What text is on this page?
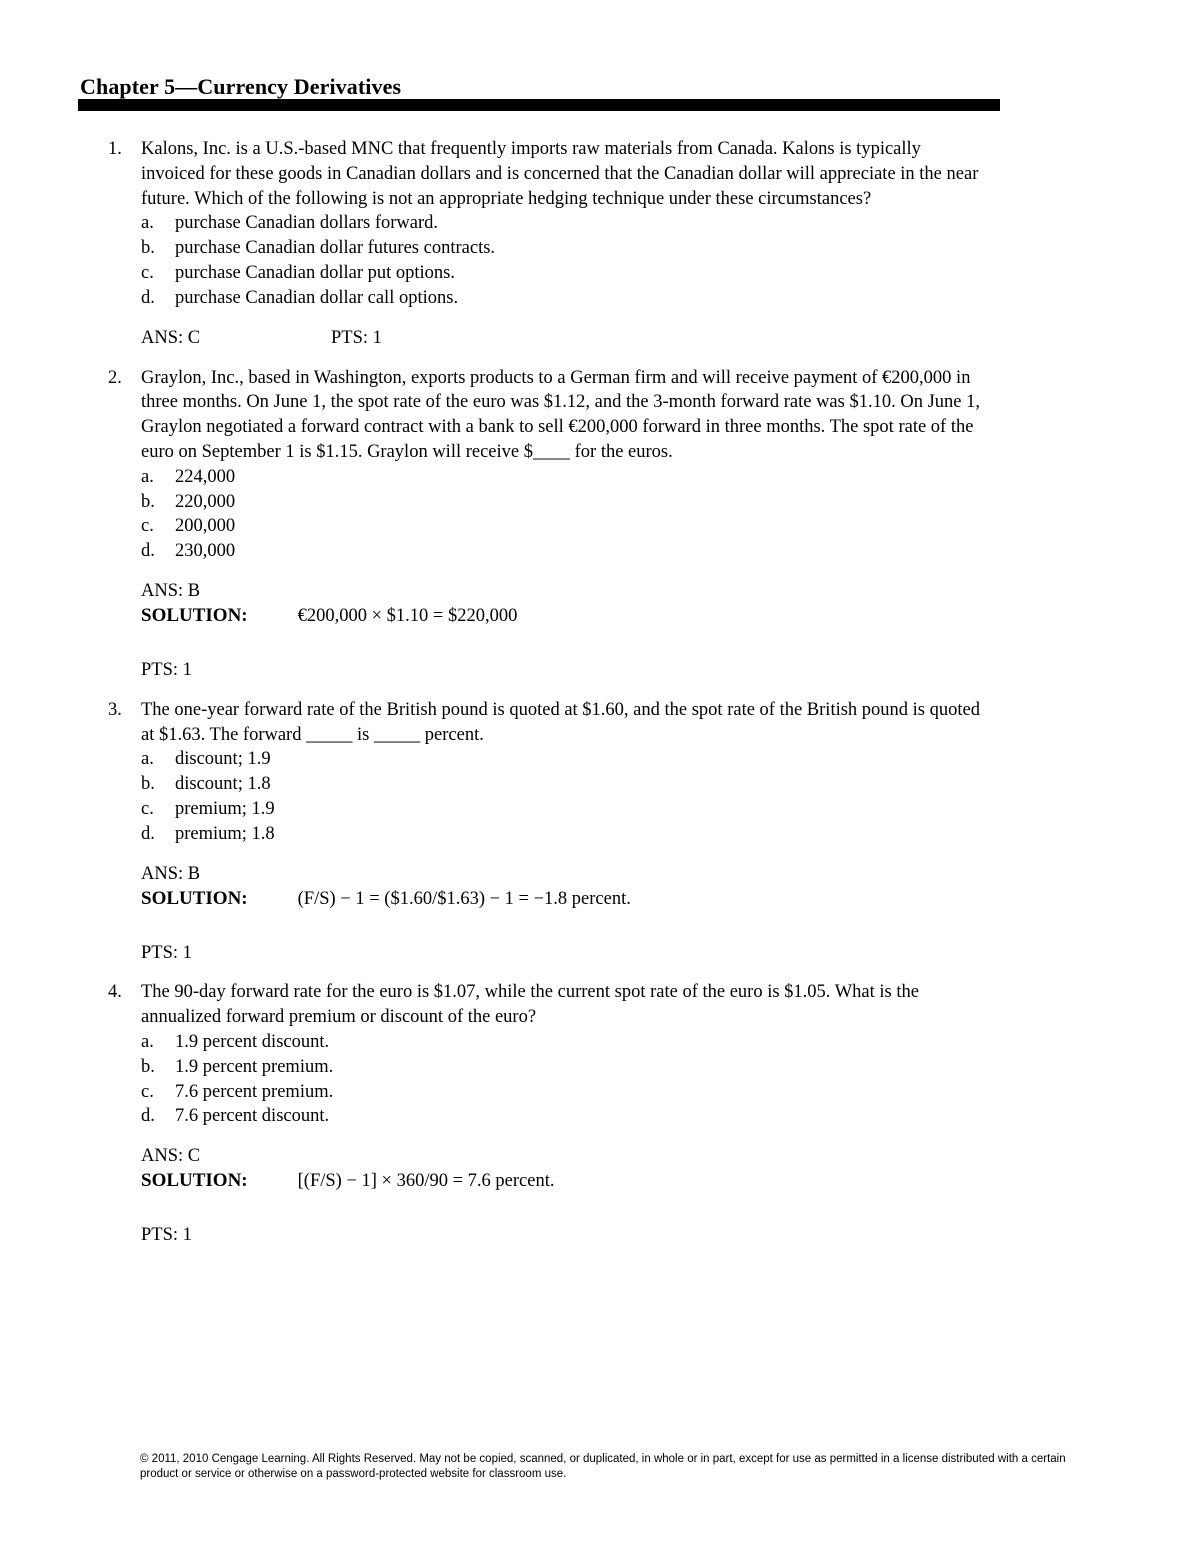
Chapter 5—Currency Derivatives
1. Kalons, Inc. is a U.S.-based MNC that frequently imports raw materials from Canada. Kalons is typically invoiced for these goods in Canadian dollars and is concerned that the Canadian dollar will appreciate in the near future. Which of the following is not an appropriate hedging technique under these circumstances?
a. purchase Canadian dollars forward.
b. purchase Canadian dollar futures contracts.
c. purchase Canadian dollar put options.
d. purchase Canadian dollar call options.
ANS: C	PTS: 1
2. Graylon, Inc., based in Washington, exports products to a German firm and will receive payment of €200,000 in three months. On June 1, the spot rate of the euro was $1.12, and the 3-month forward rate was $1.10. On June 1, Graylon negotiated a forward contract with a bank to sell €200,000 forward in three months. The spot rate of the euro on September 1 is $1.15. Graylon will receive $____ for the euros.
a. 224,000
b. 220,000
c. 200,000
d. 230,000
ANS: B
SOLUTION:	€200,000 × $1.10 = $220,000
PTS: 1
3. The one-year forward rate of the British pound is quoted at $1.60, and the spot rate of the British pound is quoted at $1.63. The forward _____ is _____ percent.
a. discount; 1.9
b. discount; 1.8
c. premium; 1.9
d. premium; 1.8
ANS: B
SOLUTION:	(F/S) − 1 = ($1.60/$1.63) − 1 = −1.8 percent.
PTS: 1
4. The 90-day forward rate for the euro is $1.07, while the current spot rate of the euro is $1.05. What is the annualized forward premium or discount of the euro?
a. 1.9 percent discount.
b. 1.9 percent premium.
c. 7.6 percent premium.
d. 7.6 percent discount.
ANS: C
SOLUTION:	[(F/S) − 1] × 360/90 = 7.6 percent.
PTS: 1
© 2011, 2010 Cengage Learning. All Rights Reserved. May not be copied, scanned, or duplicated, in whole or in part, except for use as permitted in a license distributed with a certain product or service or otherwise on a password-protected website for classroom use.
